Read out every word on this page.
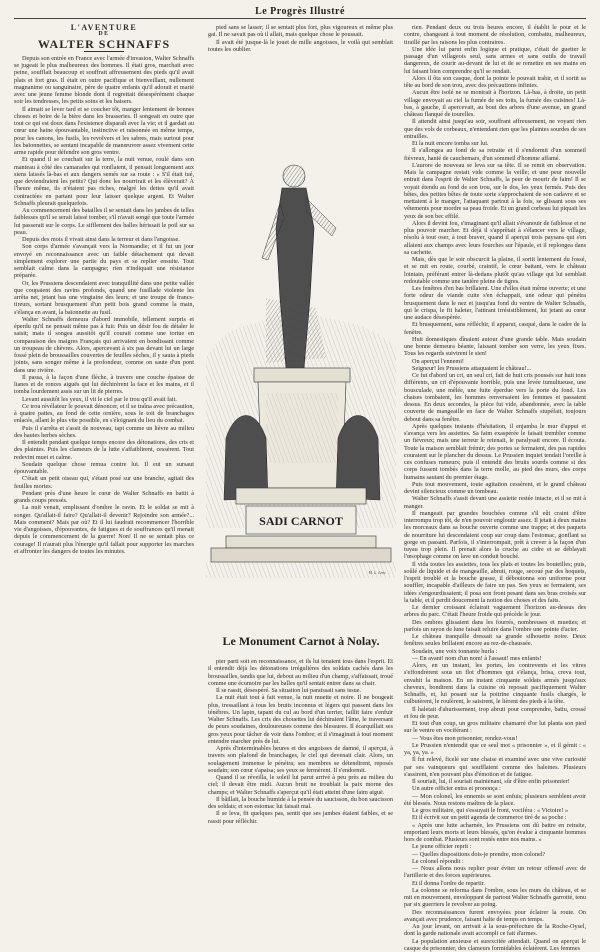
Le Progrès Illustré
L'AVENTURE
DE
WALTER SCHNAFFS

Depuis son entrée en France avec l'armée d'invasion, Walter Schnaffs se jugeait le plus malheureux des hommes. Il était gros, marchait avec peine, soufflait beaucoup et souffrait affreusement des pieds qu'il avait plats et fort gras. Il était en outre pacifique et bienveillant, nullement magnanime ou sanguinaire, père de quatre enfants qu'il adorait et marié avec une jeune femme blonde dont il regrettait désespérément chaque soir les tendresses, les petits soins et les baisers.

Il aimait se lever tard et se coucher tôt, manger lentement de bonnes choses et boire de la bière dans les brasseries. Il songeait en outre que tout ce qui est doux dans l'existence disparaît avec la vie; et il gardait au cœur une haine épouvantable, instinctive et raisonnée en même temps, pour les canons, les fusils, les revolvers et les sabres, mais surtout pour les baïonnettes, se sentant incapable de manœuvrer assez vivement cette arme rapide pour défendre son gros ventre.

Et quand il se couchait sur la terre, la nuit venue, roulé dans son manteau à côté des camarades qui ronflaient, il pensait longuement aux siens laissés là-bas et aux dangers semés sur sa route : « S'il était tué, que deviendraient les petits? Qui donc les nourrirait et les élèverait? À l'heure même, ils n'étaient pas riches, malgré les dettes qu'il avait contractées en partant pour leur laisser quelque argent. Et Walter Schnaffs pleurait quelquefois.

Au commencement des batailles il se sentait dans les jambes de telles faiblesses qu'il se serait laissé tomber, s'il n'avait songé que toute l'armée lui passerait sur le corps. Le sifflement des balles hérissait le poil sur sa peau.

Depuis des mois il vivait ainsi dans la terreur et dans l'angoisse.

Son corps d'armée s'avançait vers la Normandie; et il fut un jour envoyé en reconnaissance avec un faible détachement qui devait simplement explorer une partie du pays et se replier ensuite. Tout semblait calme dans la campagne; rien n'indiquait une résistance préparée.

Or, les Prussiens descendaient avec tranquillité dans une petite vallée que coupaient des ravins profonds, quand une fusillade violente les arrêta net, jetant bas une vingtaine des leurs; et une troupe de francs-tireurs, sortant brusquement d'un petit bois grand comme la main, s'élança en avant, la baïonnette au fusil.

Walter Schnaffs demeura d'abord immobile, tellement surpris et éperdu qu'il ne pensait même pas à fuir. Puis un désir fou de détaler le saisit; mais il songea aussitôt qu'il courait comme une tortue en comparaison des maigres Français qui arrivaient en bondissant comme un troupeau de chèvres. Alors, apercevant à six pas devant lui un large fossé plein de broussailles couvertes de feuilles sèches, il y sauta à pieds joints, sans songer même à la profondeur, comme on saute d'un pont dans une rivière.

Il passa, à la façon d'une flèche, à travers une couche épaisse de lianes et de ronces aiguës qui lui déchirèrent la face et les mains, et il tomba lourdement assis sur un lit de pierres.

Levant aussitôt les yeux, il vit le ciel par le trou qu'il avait fait.

Ce trou révélateur le pouvait dénoncer, et il se traîna avec précaution, à quatre pattes, au fond de cette ornière, sous le toit de branchages enlacés, allant le plus vite possible, en s'éloignant du lieu du combat.

Puis il s'arrêta et s'assit de nouveau, tapi comme un lièvre au milieu des hautes herbes sèches.

Il entendit pendant quelque temps encore des détonations, des cris et des plaintes. Puis les clameurs de la lutte s'affaiblirent, cessèrent. Tout redevint muet et calme.

Soudain quelque chose remua contre lui. Il eut un sursaut épouvantable.

C'était un petit oiseau qui, s'étant posé sur une branche, agitait des feuilles mortes.

Pendant près d'une heure le cœur de Walter Schnaffs en battit à grands coups pressés.

La nuit venait, emplissant d'ombre le ravin. Et le soldat se mit à songer. Qu'allait-il faire? Qu'allait-il devenir? Rejoindre son armée?... Mais comment? Mais par où? Et il lui faudrait recommencer l'horrible vie d'angoisses, d'épouvantes, de fatigues et de souffrances qu'il menait depuis le commencement de la guerre! Non! Il ne se sentait plus ce courage! Il n'aurait plus l'énergie qu'il fallait pour supporter les marches et affronter les dangers de toutes les minutes.

pied sans se lasser; il se sentait plus fort, plus vigoureux et même plus gai. Il ne savait pas où il allait, mais quelque chose le poussait.

Il avait été jusque-là le jouet de mille angoisses, le voilà qui semblait toutes les oublier.

SADI CARNOT
M. L. Lenc
Le Monument Carnot à Nolay.

pier parti soit en reconnaissance, et ils lui tenaient tous dans l'esprit. Et il entendit déjà les détonations irrégulières des soldats cachés dans les broussailles, tandis que lui, debout au milieu d'un champ, s'affaissait, troué comme une écumoire par les balles qu'il sentait entrer dans sa chair.

Il se rassit, désespéré. Sa situation lui paraissait sans issue.

La nuit était tout à fait venue, la nuit muette et noire. Il ne bougeait plus, tressaillant à tous les bruits inconnus et légers qui passent dans les ténèbres. Un lapin, tapant du cul au bord d'un terrier, faillit faire s'enfuir Walter Schnaffs. Les cris des chouettes lui déchiraient l'âme, le traversant de peurs soudaines, douloureuses comme des blessures. Il écarquillait ses gros yeux pour tâcher de voir dans l'ombre; et il s'imaginait à tout moment entendre marcher près de lui.

Après d'interminables heures et des angoisses de damné, il aperçut, à travers son plafond de branchages, le ciel qui devenait clair. Alors, un soulagement immense le pénétra; ses membres se détendirent, reposés soudain; son cœur s'apaisa; ses yeux se fermèrent. Il s'endormit.

Quand il se réveilla, le soleil lui parut arrivé à peu près au milieu du ciel; il devait être midi. Aucun bruit ne troublait la paix morne des champs; et Walter Schnaffs s'aperçut qu'il était atteint d'une faim aiguë.

Il bâillait, la bouche humide à la pensée du saucisson, du bon saucisson des soldats; et son estomac lui faisait mal.

Il se leva, fit quelques pas, sentit que ses jambes étaient faibles, et se rassit pour réfléchir.

rien. Pendant deux ou trois heures encore, il établit le pour et le contre, changeant à tout moment de résolution, combattu, malheureux, tiraillé par les raisons les plus contraires.

Une idée lui parut enfin logique et pratique, c'était de guetter le passage d'un villageois seul, sans armes et sans outils de travail dangereux, de courir au-devant de lui et de se remettre en ses mains en lui faisant bien comprendre qu'il se rendait.

Alors il ôta son casque, dont la pointe le pouvait trahir, et il sortit sa tête au bord de son trou, avec des précautions infinies.

Aucun être isolé ne se montrait à l'horizon. Là-bas, à droite, un petit village envoyait au ciel la fumée de ses toits, la fumée des cuisines! Là-bas, à gauche, il apercevait, au bout des arbres d'une avenue, un grand château flanqué de tourelles.

Il attendit ainsi jusqu'au soir, souffrant affreusement, ne voyant rien que des vols de corbeaux, n'entendant rien que les plaintes sourdes de ses entrailles.

Et la nuit encore tomba sur lui.

Il s'allongea au fond de sa retraite et il s'endormit d'un sommeil fiévreux, hanté de cauchemars, d'un sommeil d'homme affamé.

L'aurore de nouveau se leva sur sa tête. Il se remit en observation. Mais la campagne restait vide comme la veille; et une peur nouvelle entrait dans l'esprit de Walter Schnaffs, la peur de mourir de faim! Il se voyait étendu au fond de son trou, sur le dos, les yeux fermés. Puis des bêtes, des petites bêtes de toute sorte s'approchaient de son cadavre et se mettaient à le manger, l'attaquant partout à la fois, se glissant sous ses vêtements pour mordre sa peau froide. Et un grand corbeau lui piquait les yeux de son bec effilé.

Alors il devint fou, s'imaginant qu'il allait s'évanouir de faiblesse et ne plus pouvoir marcher. Et déjà il s'apprêtait à s'élancer vers le village, résolu à tout oser, à tout braver, quand il aperçut trois paysans qui s'en allaient aux champs avec leurs fourches sur l'épaule, et il replongea dans sa cachette.

Mais, dès que le soir obscurcit la plaine, il sortit lentement du fossé, et se mit en route, courbé, craintif, le cœur battant, vers le château lointain, préférant entrer là-dedans plutôt qu'au village qui lui semblait redoutable comme une tanière pleine de tigres.

Les fenêtres d'en bas brillaient. Une d'elles était même ouverte; et une forte odeur de viande cuite s'en échappait, une odeur qui pénétra brusquement dans le nez et jusqu'au fond du ventre de Walter Schnaffs, qui le crispa, le fit haleter, l'attirant irrésistiblement, lui jetant au cœur une audace désespérée.

Et brusquement, sans réfléchir, il apparut, casqué, dans le cadre de la fenêtre.

Huit domestiques dînaient autour d'une grande table. Mais soudain une bonne demeura béante, laissant tomber son verre, les yeux fixes. Tous les regards suivirent le sien!

On aperçut l'ennemi!

Seigneur! les Prussiens attaquaient le château!...

Ce fut d'abord un cri, un seul cri, fait de huit cris poussés sur huit tons différents, un cri d'épouvante horrible, puis une levée tumultueuse, une bousculade, une mêlée, une fuite éperdue vers la porte du fond. Les chaises tombaient, les hommes renversaient les femmes et passaient dessus. En deux secondes, la pièce fut vide, abandonnée, avec la table couverte de mangeaille en face de Walter Schnaffs stupéfait, toujours debout dans sa fenêtre.

Après quelques instants d'hésitation, il enjamba le mur d'appui et s'avança vers les assiettes. Sa faim exaspérée le faisait trembler comme un fiévreux; mais une terreur le retenait, le paralysait encore. Il écouta. Toute la maison semblait frémir; des portes se fermaient, des pas rapides couraient sur le plancher du dessus. Le Prussien inquiet tendait l'oreille à ces confuses rumeurs; puis il entendit des bruits sourds comme si des corps fussent tombés dans la terre molle, au pied des murs, des corps humains sautant du premier étage.

Puis tout mouvement, toute agitation cessèrent, et le grand château devint silencieux comme un tombeau.

Walter Schnaffs s'assit devant une assiette restée intacte, et il se mit à manger.

Il mangeait par grandes bouchées comme s'il eût craint d'être interrompu trop tôt, de n'en pouvoir engloutir assez. Il jetait à deux mains les morceaux dans sa bouche ouverte comme une trappe; et des paquets de nourriture lui descendaient coup sur coup dans l'estomac, gonflant sa gorge en passant. Parfois, il s'interrompait, prêt à crever à la façon d'un tuyau trop plein. Il prenait alors la cruche au cidre et se déblayait l'œsophage comme on lave un conduit bouché.

Il vida toutes les assiettes, tous les plats et toutes les bouteilles; puis, soûlé de liquide et de mangeaille, abruti, rouge, secoué par des hoquets, l'esprit troublé et la bouche grasse, il déboutonna son uniforme pour souffler, incapable d'ailleurs de faire un pas. Ses yeux se fermaient, ses idées s'engourdissaient; il posa son front pesant dans ses bras croisés sur la table, et il perdit doucement la notion des choses et des faits.

Le dernier croissant éclairait vaguement l'horizon au-dessus des arbres du parc. C'était l'heure froide qui précède le jour.

Des ombres glissaient dans les fourrés, nombreuses et muettes; et parfois un rayon de lune faisait reluire dans l'ombre une pointe d'acier.

Le château tranquille dressait sa grande silhouette noire. Deux fenêtres seules brillaient encore au rez-de-chaussée.

Soudain, une voix tonnante hurla :

— En avant! nom d'un nom! à l'assaut! mes enfants!

Alors, en un instant, les portes, les contrevents et les vitres s'effondrèrent sous un flot d'hommes qui s'élança, brisa, creva tout, envahit la maison. En un instant cinquante soldats armés jusqu'aux cheveux, bondirent dans la cuisine où reposait pacifiquement Walter Schnaffs, et, lui posant sur la poitrine cinquante fusils chargés, le culbutèrent, le roulèrent, le saisirent, le lièrent des pieds à la tête.

Il haletait d'ahurissement, trop abruti pour comprendre, battu, crossé et fou de peur.

Et tout d'un coup, un gros militaire chamarré d'or lui planta son pied sur le ventre en vociférant :

— Vous êtes mon prisonnier, rendez-vous!

Le Prussien n'entendit que ce seul mot « prisonnier », et il gémit : « ya, ya, ya. »

Il fut relevé, ficelé sur une chaise et examiné avec une vive curiosité par ses vainqueurs qui soufflaient comme des baleines. Plusieurs s'assirent, n'en pouvant plus d'émotion et de fatigue.

Il souriait, lui, il souriait maintenant, sûr d'être enfin prisonnier!

Un autre officier entra et prononça :

— Mon colonel, les ennemis se sont enfuis; plusieurs semblent avoir été blessés. Nous restons maîtres de la place.

Le gros militaire, qui s'essuyait le front, vociféra : « Victoire! »

Et il écrivit sur un petit agenda de commerce tiré de sa poche :

« Après une lutte acharnée, les Prussiens ont dû battre en retraite, emportant leurs morts et leurs blessés, qu'on évalue à cinquante hommes hors de combat. Plusieurs sont restés entre nos mains. »

Le jeune officier reprit :

— Quelles dispositions dois-je prendre, mon colonel?

Le colonel répondit :

— Nous allons nous replier pour éviter un retour offensif avec de l'artillerie et des forces supérieures.

Et il donna l'ordre de repartir.

La colonne se reforma dans l'ombre, sous les murs du château, et se mit en mouvement, enveloppant de partout Walter Schnaffs garrotté, tenu par six guerriers le revolver au poing.

Des reconnaissances furent envoyées pour éclairer la route. On avançait avec prudence, faisant halte de temps en temps.

Au jour levant, on arrivait à la sous-préfecture de la Roche-Oysel, dont la garde nationale avait accompli ce fait d'armes.

La population anxieuse et surexcitée attendait. Quand on aperçut le casque du prisonnier, des clameurs formidables éclatèrent. Les femmes
